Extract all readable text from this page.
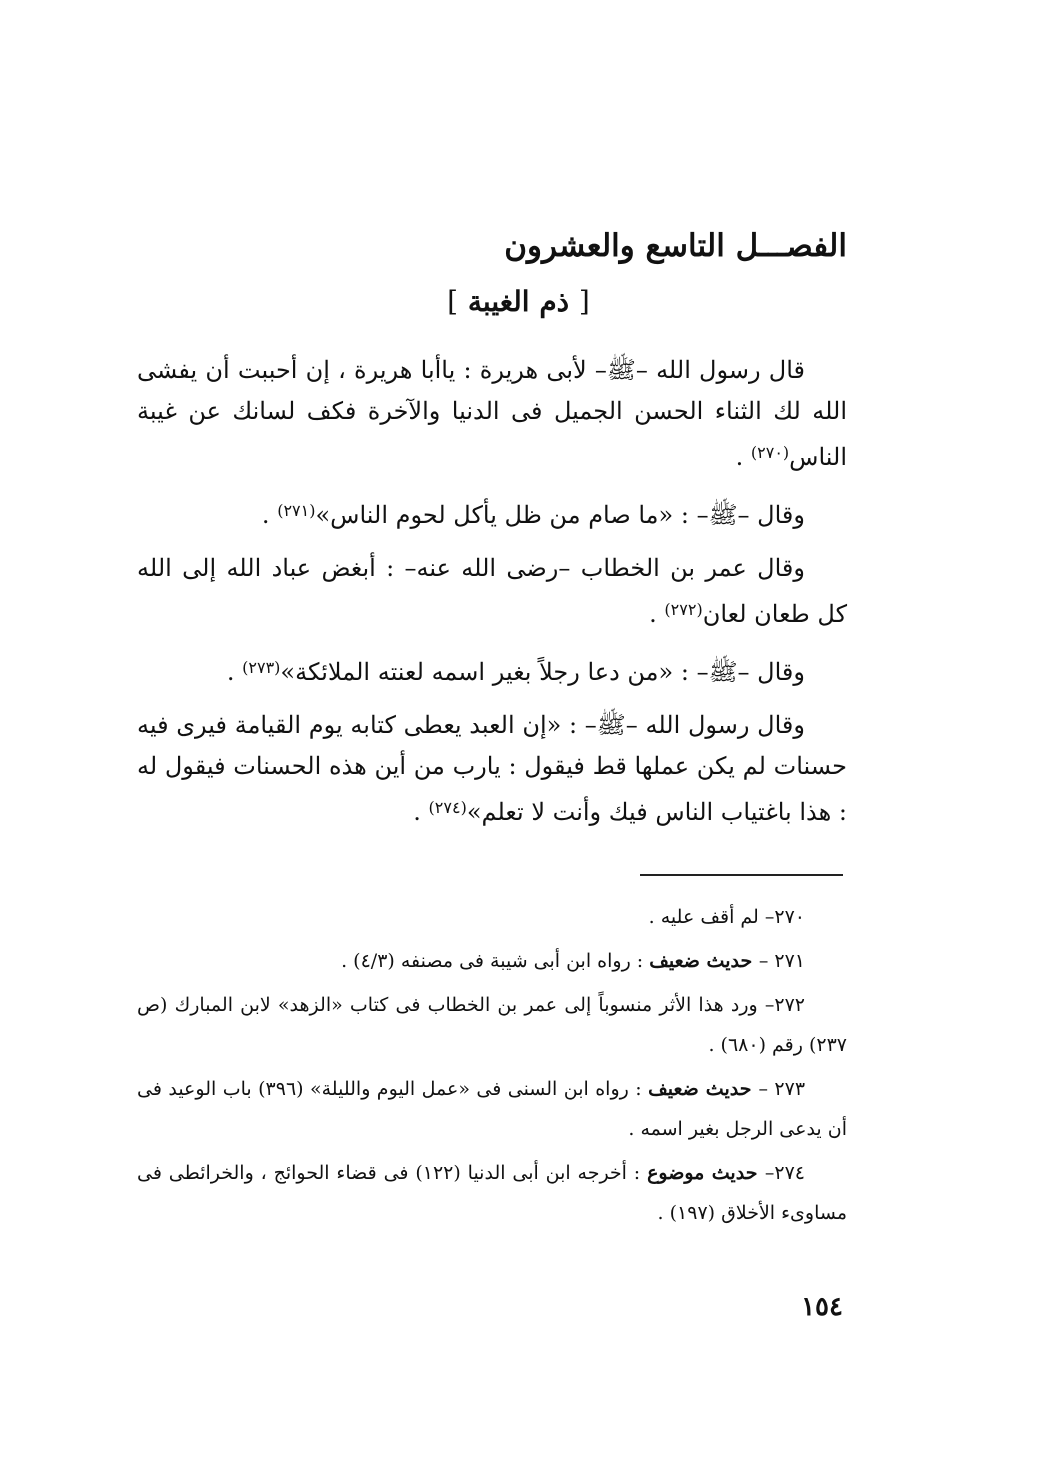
الفصـــل التاسع والعشرون
[ ذم الغيبة ]

قال رسول الله –ﷺ– لأبى هريرة : ياأبا هريرة ، إن أحببت أن يفشى الله لك الثناء الحسن الجميل فى الدنيا والآخرة فكف لسانك عن غيبة الناس$^{(٢٧٠)}$ .

وقال –ﷺ– : «ما صام من ظل يأكل لحوم الناس»$^{(٢٧١)}$ .

وقال عمر بن الخطاب –رضى الله عنه– : أبغض عباد الله إلى الله كل طعان لعان$^{(٢٧٢)}$ .

وقال –ﷺ– : «من دعا رجلاً بغير اسمه لعنته الملائكة»$^{(٢٧٣)}$ .

وقال رسول الله –ﷺ– : «إن العبد يعطى كتابه يوم القيامة فيرى فيه حسنات لم يكن عملها قط فيقول : يارب من أين هذه الحسنات فيقول له : هذا باغتياب الناس فيك وأنت لا تعلم»$^{(٢٧٤)}$ .

٢٧٠– لم أقف عليه .

٢٧١ – حديث ضعيف : رواه ابن أبى شيبة فى مصنفه (٤/٣) .

٢٧٢– ورد هذا الأثر منسوباً إلى عمر بن الخطاب فى كتاب «الزهد» لابن المبارك (ص ٢٣٧) رقم (٦٨٠) .

٢٧٣ – حديث ضعيف : رواه ابن السنى فى «عمل اليوم والليلة» (٣٩٦) باب الوعيد فى أن يدعى الرجل بغير اسمه .

٢٧٤– حديث موضوع : أخرجه ابن أبى الدنيا (١٢٢) فى قضاء الحوائج ، والخرائطى فى مساوىء الأخلاق (١٩٧) .

١٥٤
